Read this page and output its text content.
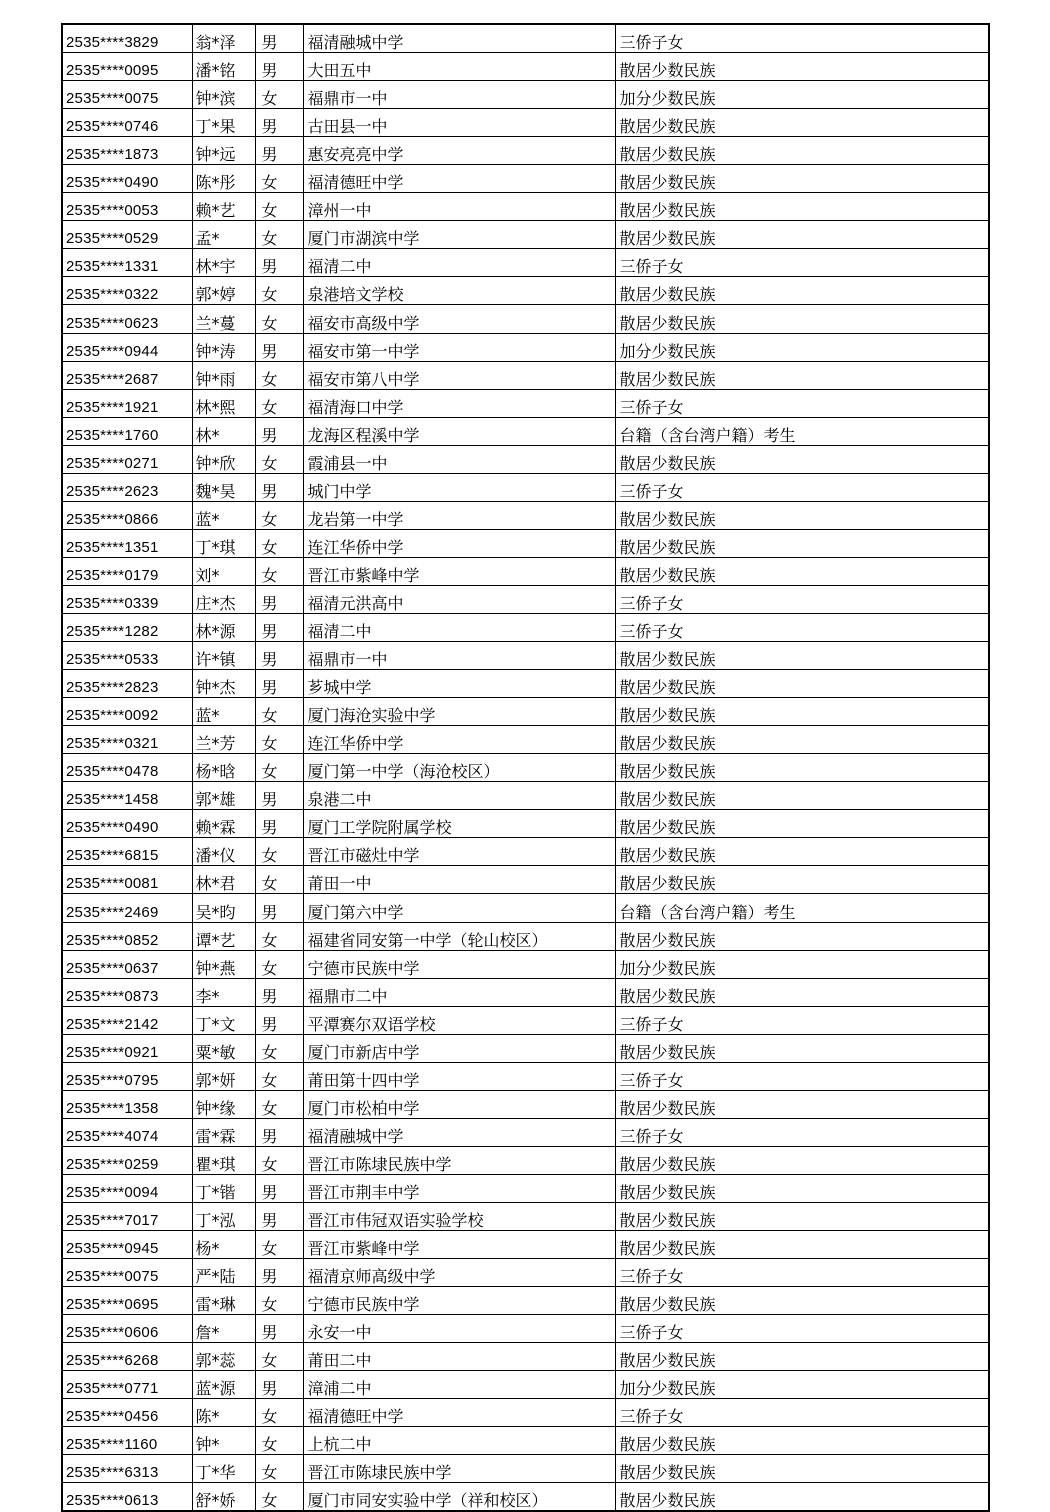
2535****3829	翁*泽	男	福清融城中学	三侨子女
2535****0095	潘*铭	男	大田五中	散居少数民族
2535****0075	钟*滨	女	福鼎市一中	加分少数民族
2535****0746	丁*果	男	古田县一中	散居少数民族
2535****1873	钟*远	男	惠安亮亮中学	散居少数民族
2535****0490	陈*彤	女	福清德旺中学	散居少数民族
2535****0053	赖*艺	女	漳州一中	散居少数民族
2535****0529	孟*	女	厦门市湖滨中学	散居少数民族
2535****1331	林*宇	男	福清二中	三侨子女
2535****0322	郭*婷	女	泉港培文学校	散居少数民族
2535****0623	兰*蔓	女	福安市高级中学	散居少数民族
2535****0944	钟*涛	男	福安市第一中学	加分少数民族
2535****2687	钟*雨	女	福安市第八中学	散居少数民族
2535****1921	林*熙	女	福清海口中学	三侨子女
2535****1760	林*	男	龙海区程溪中学	台籍（含台湾户籍）考生
2535****0271	钟*欣	女	霞浦县一中	散居少数民族
2535****2623	魏*昊	男	城门中学	三侨子女
2535****0866	蓝*	女	龙岩第一中学	散居少数民族
2535****1351	丁*琪	女	连江华侨中学	散居少数民族
2535****0179	刘*	女	晋江市紫峰中学	散居少数民族
2535****0339	庄*杰	男	福清元洪高中	三侨子女
2535****1282	林*源	男	福清二中	三侨子女
2535****0533	许*镇	男	福鼎市一中	散居少数民族
2535****2823	钟*杰	男	芗城中学	散居少数民族
2535****0092	蓝*	女	厦门海沧实验中学	散居少数民族
2535****0321	兰*芳	女	连江华侨中学	散居少数民族
2535****0478	杨*晗	女	厦门第一中学（海沧校区）	散居少数民族
2535****1458	郭*雄	男	泉港二中	散居少数民族
2535****0490	赖*霖	男	厦门工学院附属学校	散居少数民族
2535****6815	潘*仪	女	晋江市磁灶中学	散居少数民族
2535****0081	林*君	女	莆田一中	散居少数民族
2535****2469	吴*昀	男	厦门第六中学	台籍（含台湾户籍）考生
2535****0852	谭*艺	女	福建省同安第一中学（轮山校区）	散居少数民族
2535****0637	钟*燕	女	宁德市民族中学	加分少数民族
2535****0873	李*	男	福鼎市二中	散居少数民族
2535****2142	丁*文	男	平潭赛尔双语学校	三侨子女
2535****0921	粟*敏	女	厦门市新店中学	散居少数民族
2535****0795	郭*妍	女	莆田第十四中学	三侨子女
2535****1358	钟*缘	女	厦门市松柏中学	散居少数民族
2535****4074	雷*霖	男	福清融城中学	三侨子女
2535****0259	瞿*琪	女	晋江市陈埭民族中学	散居少数民族
2535****0094	丁*锴	男	晋江市荆丰中学	散居少数民族
2535****7017	丁*泓	男	晋江市伟冠双语实验学校	散居少数民族
2535****0945	杨*	女	晋江市紫峰中学	散居少数民族
2535****0075	严*陆	男	福清京师高级中学	三侨子女
2535****0695	雷*琳	女	宁德市民族中学	散居少数民族
2535****0606	詹*	男	永安一中	三侨子女
2535****6268	郭*蕊	女	莆田二中	散居少数民族
2535****0771	蓝*源	男	漳浦二中	加分少数民族
2535****0456	陈*	女	福清德旺中学	三侨子女
2535****1160	钟*	女	上杭二中	散居少数民族
2535****6313	丁*华	女	晋江市陈埭民族中学	散居少数民族
2535****0613	舒*娇	女	厦门市同安实验中学（祥和校区）	散居少数民族
